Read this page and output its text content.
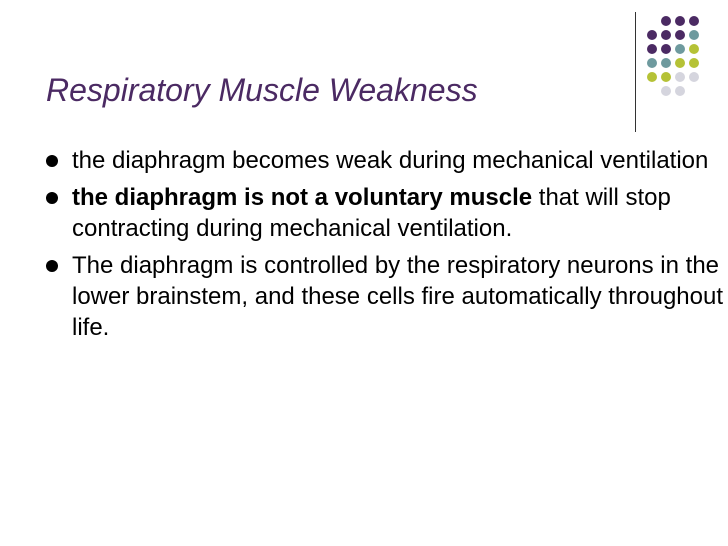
Respiratory Muscle Weakness
the diaphragm becomes weak during mechanical ventilation
the diaphragm is not a voluntary muscle that will stop contracting during mechanical ventilation.
The diaphragm is controlled by the respiratory neurons in the lower brainstem, and these cells fire automatically throughout life.
